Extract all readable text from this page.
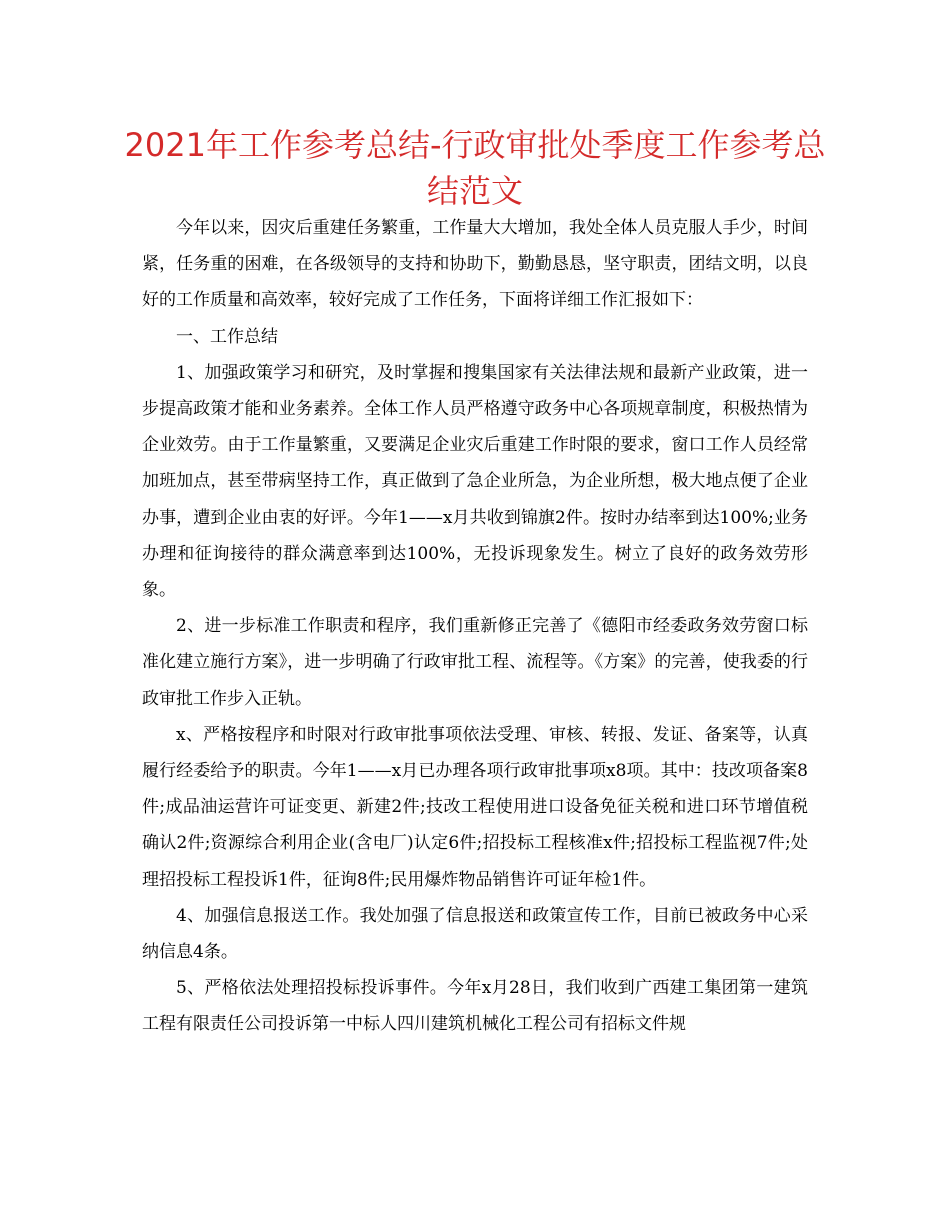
2021年工作参考总结-行政审批处季度工作参考总结范文

今年以来，因灾后重建任务繁重，工作量大大增加，我处全体人员克服人手少，时间紧，任务重的困难，在各级领导的支持和协助下，勤勤恳恳，坚守职责，团结文明，以良好的工作质量和高效率，较好完成了工作任务，下面将详细工作汇报如下：

一、工作总结

1、加强政策学习和研究，及时掌握和搜集国家有关法律法规和最新产业政策，进一步提高政策才能和业务素养。全体工作人员严格遵守政务中心各项规章制度，积极热情为企业效劳。由于工作量繁重，又要满足企业灾后重建工作时限的要求，窗口工作人员经常加班加点，甚至带病坚持工作，真正做到了急企业所急，为企业所想，极大地点便了企业办事，遭到企业由衷的好评。今年1——x月共收到锦旗2件。按时办结率到达100%;业务办理和征询接待的群众满意率到达100%，无投诉现象发生。树立了良好的政务效劳形象。

2、进一步标准工作职责和程序，我们重新修正完善了《德阳市经委政务效劳窗口标准化建立施行方案》，进一步明确了行政审批工程、流程等。《方案》的完善，使我委的行政审批工作步入正轨。

x、严格按程序和时限对行政审批事项依法受理、审核、转报、发证、备案等，认真履行经委给予的职责。今年1——x月已办理各项行政审批事项x8项。其中：技改项备案8件;成品油运营许可证变更、新建2件;技改工程使用进口设备免征关税和进口环节增值税确认2件;资源综合利用企业(含电厂)认定6件;招投标工程核准x件;招投标工程监视7件;处理招投标工程投诉1件，征询8件;民用爆炸物品销售许可证年检1件。

4、加强信息报送工作。我处加强了信息报送和政策宣传工作，目前已被政务中心采纳信息4条。

5、严格依法处理招投标投诉事件。今年x月28日，我们收到广西建工集团第一建筑工程有限责任公司投诉第一中标人四川建筑机械化工程公司有招标文件规
